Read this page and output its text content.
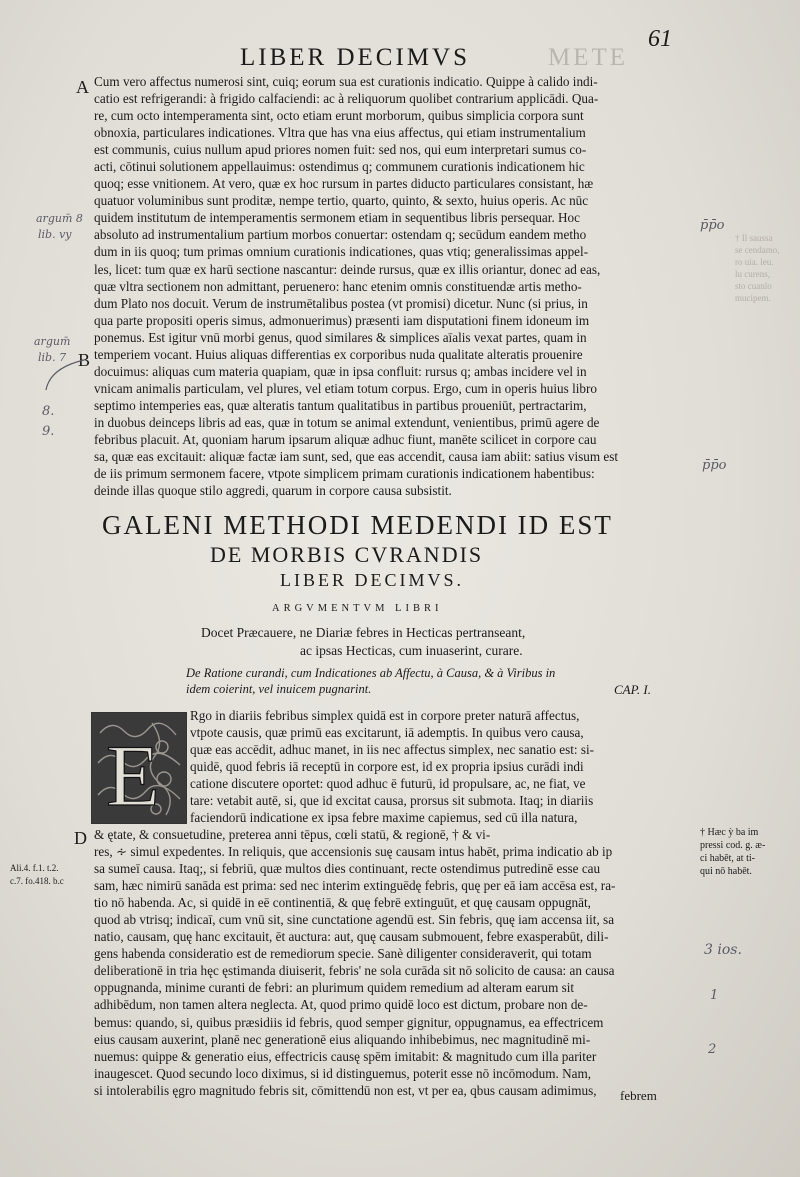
LIBER DECIMVS	METE
61
A
B
D
argum̄ 8
lib. vy
argum̄
lib. 7
8.
9.
p̄p̄o
p̄p̄o
3 ios.
1
2
† Il saussa
se cendamo,
ro uia. leu.
lu curens,
sto cuanlo
mucipem.
Cum vero affectus numerosi sint, cuiq; eorum sua est curationis indicatio. Quippe à calido indi-
catio est refrigerandi: à frigido calfaciendi: ac à reliquorum quolibet contrarium applicādi. Qua-
re, cum octo intemperamenta sint, octo etiam erunt morborum, quibus simplicia corpora sunt
obnoxia, particulares indicationes. Vltra que has vna eius affectus, qui etiam instrumentalium
est communis, cuius nullum apud priores nomen fuit: sed nos, qui eum interpretari sumus co-
acti, cōtinui solutionem appellauimus: ostendimus q; communem curationis indicationem hic
quoq; esse vnitionem. At vero, quæ ex hoc rursum in partes diducto particulares consistant, hæ
quatuor voluminibus sunt proditæ, nempe tertio, quarto, quinto, & sexto, huius operis. Ac nūc
quidem institutum de intemperamentis sermonem etiam in sequentibus libris persequar. Hoc
absoluto ad instrumentalium partium morbos conuertar: ostendam q; secūdum eandem metho
dum in iis quoq; tum primas omnium curationis indicationes, quas vtiq; generalissimas appel-
les, licet: tum quæ ex harū sectione nascantur: deinde rursus, quæ ex illis oriantur, donec ad eas,
quæ vltra sectionem non admittant, peruenero: hanc etenim omnis constituendæ artis metho-
dum Plato nos docuit. Verum de instrumētalibus postea (vt promisi) dicetur. Nunc (si prius, in
qua parte propositi operis simus, admonuerimus) præsenti iam disputationi finem idoneum im
ponemus. Est igitur vnū morbi genus, quod similares & simplices aīalis vexat partes, quam in
temperiem vocant. Huius aliquas differentias ex corporibus nuda qualitate alteratis prouenire
docuimus: aliquas cum materia quapiam, quæ in ipsa confluit: rursus q; ambas incidere vel in
vnicam animalis particulam, vel plures, vel etiam totum corpus. Ergo, cum in operis huius libro
septimo intemperies eas, quæ alteratis tantum qualitatibus in partibus proueniūt, pertractarim,
in duobus deinceps libris ad eas, quæ in totum se animal extendunt, venientibus, primū agere de
febribus placuit. At, quoniam harum ipsarum aliquæ adhuc fiunt, manēte scilicet in corpore cau
sa, quæ eas excitauit: aliquæ factæ iam sunt, sed, que eas accendit, causa iam abiit: satius visum est
de iis primum sermonem facere, vtpote simplicem primam curationis indicationem habentibus:
deinde illas quoque stilo aggredi, quarum in corpore causa subsistit.
GALENI METHODI MEDENDI ID EST
DE MORBIS CVRANDIS
LIBER DECIMVS.
ARGVMENTVM LIBRI
Docet Præcauere, ne Diariæ febres in Hecticas pertranseant,
ac ipsas Hecticas, cum inuaserint, curare.
De Ratione curandi, cum Indicationes ab Affectu, à Causa, & à Viribus in
idem coierint, vel inuicem pugnarint.	CAP. I.
E
Rgo in diariis febribus simplex quidā est in corpore preter naturā affectus,
vtpote causis, quæ primū eas excitarunt, iā ademptis. In quibus vero causa,
quæ eas accēdit, adhuc manet, in iis nec affectus simplex, nec sanatio est: si-
quidē, quod febris iā receptū in corpore est, id ex propria ipsius curādi indi
catione discutere oportet: quod adhuc ē futurū, id propulsare, ac, ne fiat, ve
tare: vetabit autē, si, que id excitat causa, prorsus sit submota. Itaq; in diariis
faciendorū indicatione ex ipsa febre maxime capiemus, sed cū illa natura,
& ętate, & consuetudine, preterea anni tēpus, cœli statū, & regionē, † & vi-
res, ∻ simul expedentes. In reliquis, que accensionis suę causam intus habēt, prima indicatio ab ip
sa sumeī causa. Itaq;, si febriū, quæ multos dies continuant, recte ostendimus putredinē esse cau
sam, hæc nimirū sanāda est prima: sed nec interim extinguēdę febris, quę per eā iam accēsa est, ra-
tio nō habenda. Ac, si quidē in eē continentiā, & quę febrē extinguūt, et quę causam oppugnāt,
quod ab vtrisq; indicaī, cum vnū sit, sine cunctatione agendū est. Sin febris, quę iam accensa iit, sa
natio, causam, quę hanc excitauit, ēt auctura: aut, quę causam submouent, febre exasperabūt, dili-
gens habenda consideratio est de remediorum specie. Sanè diligenter consideraverit, qui totam
deliberationē in tria hęc ęstimanda diuiserit, febris' ne sola curāda sit nō solicito de causa: an causa
oppugnanda, minime curanti de febri: an plurimum quidem remedium ad alteram earum sit
adhibēdum, non tamen altera neglecta. At, quod primo quidē loco est dictum, probare non de-
bemus: quando, si, quibus præsidiis id febris, quod semper gignitur, oppugnamus, ea effectricem
eius causam auxerint, planē nec generationē eius aliquando inhibebimus, nec magnitudinē mi-
nuemus: quippe & generatio eius, effectricis causę spēm imitabit: & magnitudo cum illa pariter
inaugescet. Quod secundo loco diximus, si id distinguemus, poterit esse nō incōmodum. Nam,
si intolerabilis ęgro magnitudo febris sit, cōmittendū non est, vt per ea, qbus causam adimimus,	febrem
† Hæc ỳ ba im
pressi cod. g. æ-
ci habēt, at ti-
qui nō habēt.
Ali.4. f.1. t.2.
c.7. fo.418. b.c
